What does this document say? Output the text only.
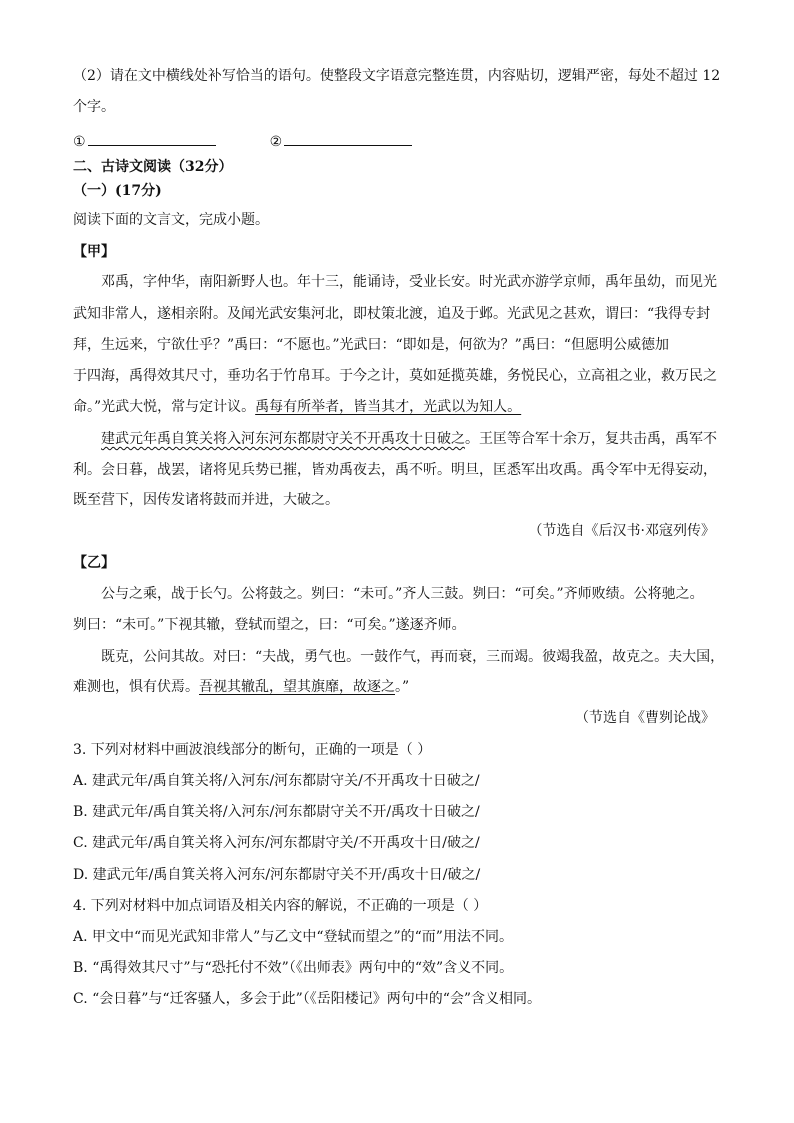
（2）请在文中横线处补写恰当的语句。使整段文字语意完整连贯，内容贴切，逻辑严密，每处不超过 12
个字。
①	②
二、古诗文阅读（32分）
（一）(17分)
阅读下面的文言文，完成小题。
【甲】
邓禹，字仲华，南阳新野人也。年十三，能诵诗，受业长安。时光武亦游学京师，禹年虽幼，而见光
武知非常人，遂相亲附。及闻光武安集河北，即杖策北渡，追及于邺。光武见之甚欢，谓曰：“我得专封
拜，生远来，宁欲仕乎？”禹曰：“不愿也。”光武曰：“即如是，何欲为？”禹曰：“但愿明公威德加
于四海，禹得效其尺寸，垂功名于竹帛耳。于今之计，莫如延揽英雄，务悦民心，立高祖之业，救万民之
命。”光武大悦，常与定计议。禹每有所举者，皆当其才，光武以为知人。
建武元年禹自箕关将入河东河东都尉守关不开禹攻十日破之。王匡等合军十余万，复共击禹，禹军不
利。会日暮，战罢，诸将见兵势已摧，皆劝禹夜去，禹不听。明旦，匡悉军出攻禹。禹令军中无得妄动，
既至营下，因传发诸将鼓而并进，大破之。
（节选自《后汉书·邓寇列传》
【乙】
公与之乘，战于长勺。公将鼓之。刿曰：“未可。”齐人三鼓。刿曰：“可矣。”齐师败绩。公将驰之。
刿曰：“未可。”下视其辙，登轼而望之，曰：“可矣。”遂逐齐师。
既克，公问其故。对曰：“夫战，勇气也。一鼓作气，再而衰，三而竭。彼竭我盈，故克之。夫大国，
难测也，惧有伏焉。吾视其辙乱，望其旗靡，故逐之。”
（节选自《曹刿论战》
3. 下列对材料中画波浪线部分的断句，正确的一项是（ ）
A. 建武元年/禹自箕关将/入河东/河东都尉守关/不开禹攻十日破之/
B. 建武元年/禹自箕关将/入河东/河东都尉守关不开/禹攻十日破之/
C. 建武元年/禹自箕关将入河东/河东都尉守关/不开禹攻十日/破之/
D. 建武元年/禹自箕关将入河东/河东都尉守关不开/禹攻十日/破之/
4. 下列对材料中加点词语及相关内容的解说，不正确的一项是（ ）
A. 甲文中“而见光武知非常人”与乙文中“登轼而望之”的“而”用法不同。
B. “禹得效其尺寸”与“恐托付不效”（《出师表》两句中的“效”含义不同。
C. “会日暮”与“迁客骚人，多会于此”（《岳阳楼记》两句中的“会”含义相同。
